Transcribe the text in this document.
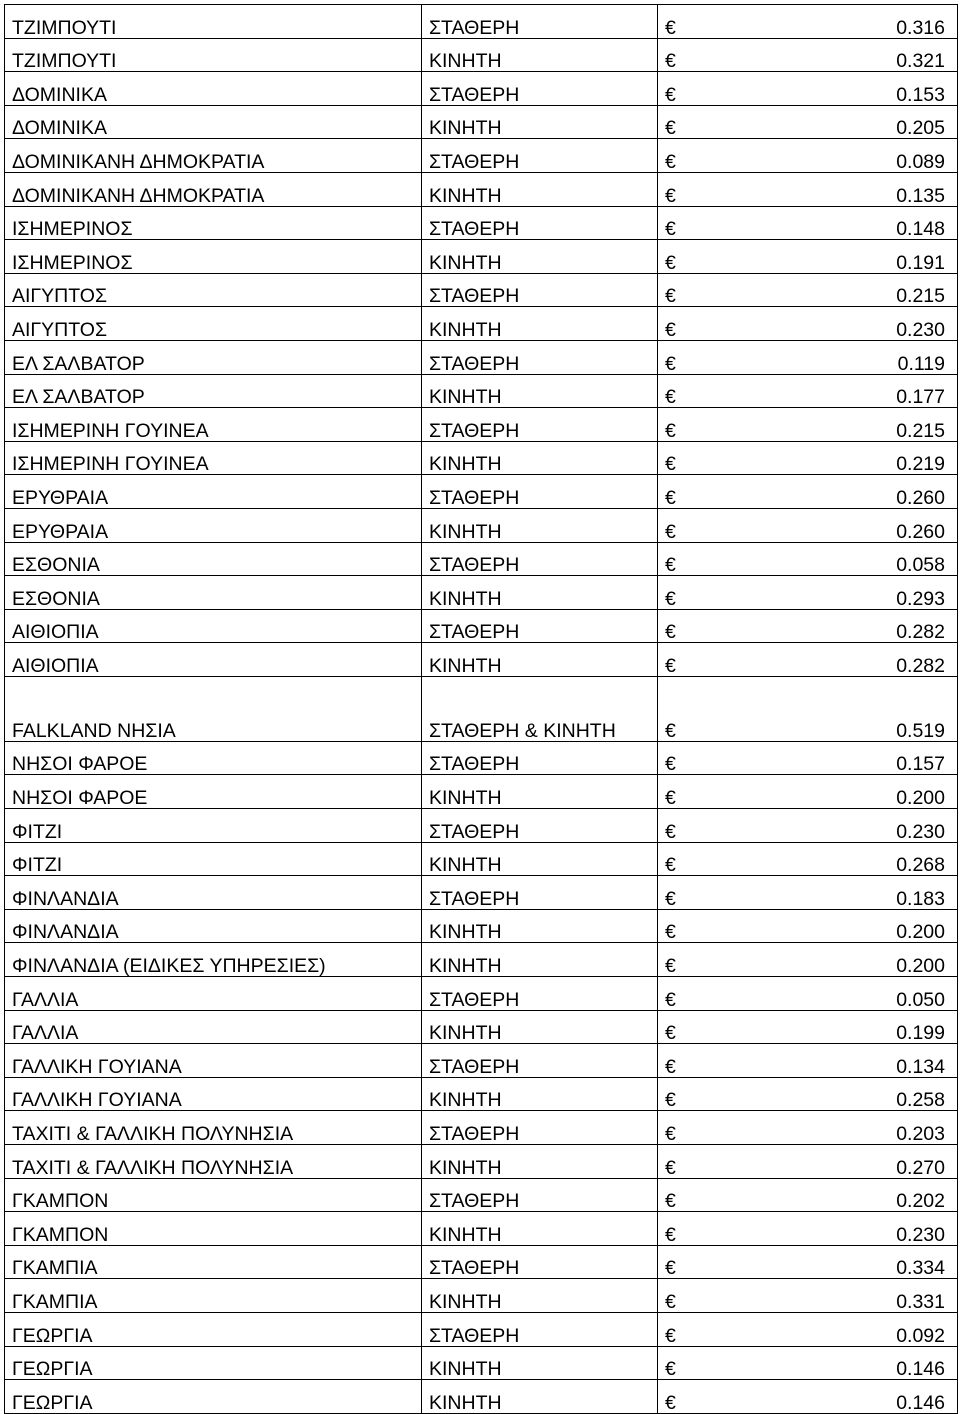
ΤΖΙΜΠΟΥΤΙ	ΣΤΑΘΕΡΗ	€ 0.316

ΤΖΙΜΠΟΥΤΙ	ΚΙΝΗΤΗ	€ 0.321

ΔΟΜΙΝΙΚΑ	ΣΤΑΘΕΡΗ	€ 0.153

ΔΟΜΙΝΙΚΑ	ΚΙΝΗΤΗ	€ 0.205

ΔΟΜΙΝΙΚΑΝΗ ΔΗΜΟΚΡΑΤΙΑ	ΣΤΑΘΕΡΗ	€ 0.089

ΔΟΜΙΝΙΚΑΝΗ ΔΗΜΟΚΡΑΤΙΑ	ΚΙΝΗΤΗ	€ 0.135

ΙΣΗΜΕΡΙΝΟΣ	ΣΤΑΘΕΡΗ	€ 0.148

ΙΣΗΜΕΡΙΝΟΣ	ΚΙΝΗΤΗ	€ 0.191

ΑΙΓΥΠΤΟΣ	ΣΤΑΘΕΡΗ	€ 0.215

ΑΙΓΥΠΤΟΣ	ΚΙΝΗΤΗ	€ 0.230

ΕΛ ΣΑΛΒΑΤΟΡ	ΣΤΑΘΕΡΗ	€ 0.119

ΕΛ ΣΑΛΒΑΤΟΡ	ΚΙΝΗΤΗ	€ 0.177

ΙΣΗΜΕΡΙΝΗ ΓΟΥΙΝΕΑ	ΣΤΑΘΕΡΗ	€ 0.215

ΙΣΗΜΕΡΙΝΗ ΓΟΥΙΝΕΑ	ΚΙΝΗΤΗ	€ 0.219

ΕΡΥΘΡΑΙΑ	ΣΤΑΘΕΡΗ	€ 0.260

ΕΡΥΘΡΑΙΑ	ΚΙΝΗΤΗ	€ 0.260

ΕΣΘΟΝΙΑ	ΣΤΑΘΕΡΗ	€ 0.058

ΕΣΘΟΝΙΑ	ΚΙΝΗΤΗ	€ 0.293

ΑΙΘΙΟΠΙΑ	ΣΤΑΘΕΡΗ	€ 0.282

ΑΙΘΙΟΠΙΑ	ΚΙΝΗΤΗ	€ 0.282

FALKLAND ΝΗΣΙΑ	ΣΤΑΘΕΡΗ & ΚΙΝΗΤΗ	€ 0.519

ΝΗΣΟΙ ΦΑΡΟΕ	ΣΤΑΘΕΡΗ	€ 0.157

ΝΗΣΟΙ ΦΑΡΟΕ	ΚΙΝΗΤΗ	€ 0.200

ΦΙΤΖΙ	ΣΤΑΘΕΡΗ	€ 0.230

ΦΙΤΖΙ	ΚΙΝΗΤΗ	€ 0.268

ΦΙΝΛΑΝΔΙΑ	ΣΤΑΘΕΡΗ	€ 0.183

ΦΙΝΛΑΝΔΙΑ	ΚΙΝΗΤΗ	€ 0.200

ΦΙΝΛΑΝΔΙΑ (ΕΙΔΙΚΕΣ ΥΠΗΡΕΣΙΕΣ)	ΚΙΝΗΤΗ	€ 0.200

ΓΑΛΛΙΑ	ΣΤΑΘΕΡΗ	€ 0.050

ΓΑΛΛΙΑ	ΚΙΝΗΤΗ	€ 0.199

ΓΑΛΛΙΚΗ ΓΟΥΙΑΝΑ	ΣΤΑΘΕΡΗ	€ 0.134

ΓΑΛΛΙΚΗ ΓΟΥΙΑΝΑ	ΚΙΝΗΤΗ	€ 0.258

ΤΑΧΙΤΙ & ΓΑΛΛΙΚΗ ΠΟΛΥΝΗΣΙΑ	ΣΤΑΘΕΡΗ	€ 0.203

ΤΑΧΙΤΙ & ΓΑΛΛΙΚΗ ΠΟΛΥΝΗΣΙΑ	ΚΙΝΗΤΗ	€ 0.270

ΓΚΑΜΠΟΝ	ΣΤΑΘΕΡΗ	€ 0.202

ΓΚΑΜΠΟΝ	ΚΙΝΗΤΗ	€ 0.230

ΓΚΑΜΠΙΑ	ΣΤΑΘΕΡΗ	€ 0.334

ΓΚΑΜΠΙΑ	ΚΙΝΗΤΗ	€ 0.331

ΓΕΩΡΓΙΑ	ΣΤΑΘΕΡΗ	€ 0.092

ΓΕΩΡΓΙΑ	ΚΙΝΗΤΗ	€ 0.146

ΓΕΩΡΓΙΑ	ΚΙΝΗΤΗ	€ 0.146
